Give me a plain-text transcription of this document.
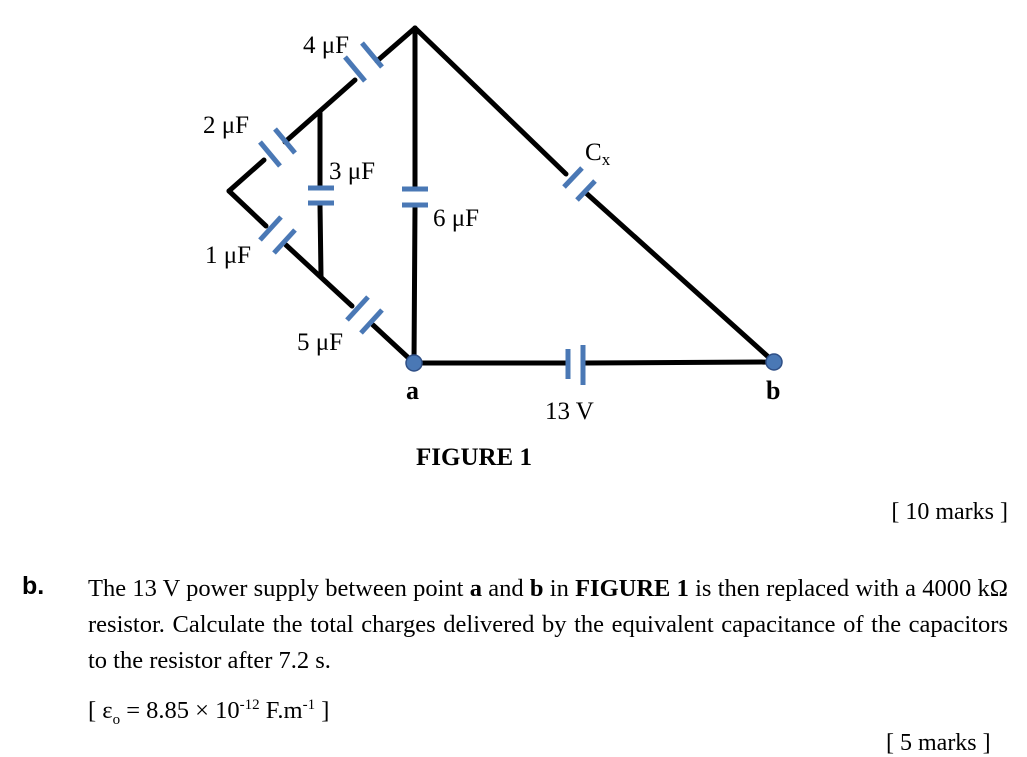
4 μF
2 μF
3 μF
6 μF
1 μF
5 μF
$C_x$
13 V
a	b
FIGURE 1
[ 10 marks ]
b. The 13 V power supply between point a and b in FIGURE 1 is then replaced with a 4000 kΩ resistor. Calculate the total charges delivered by the equivalent capacitance of the capacitors to the resistor after 7.2 s.
[ $\varepsilon_o = 8.85 \times 10^{-12}$ $F.m^{-1}$ ]
[ 5 marks ]
